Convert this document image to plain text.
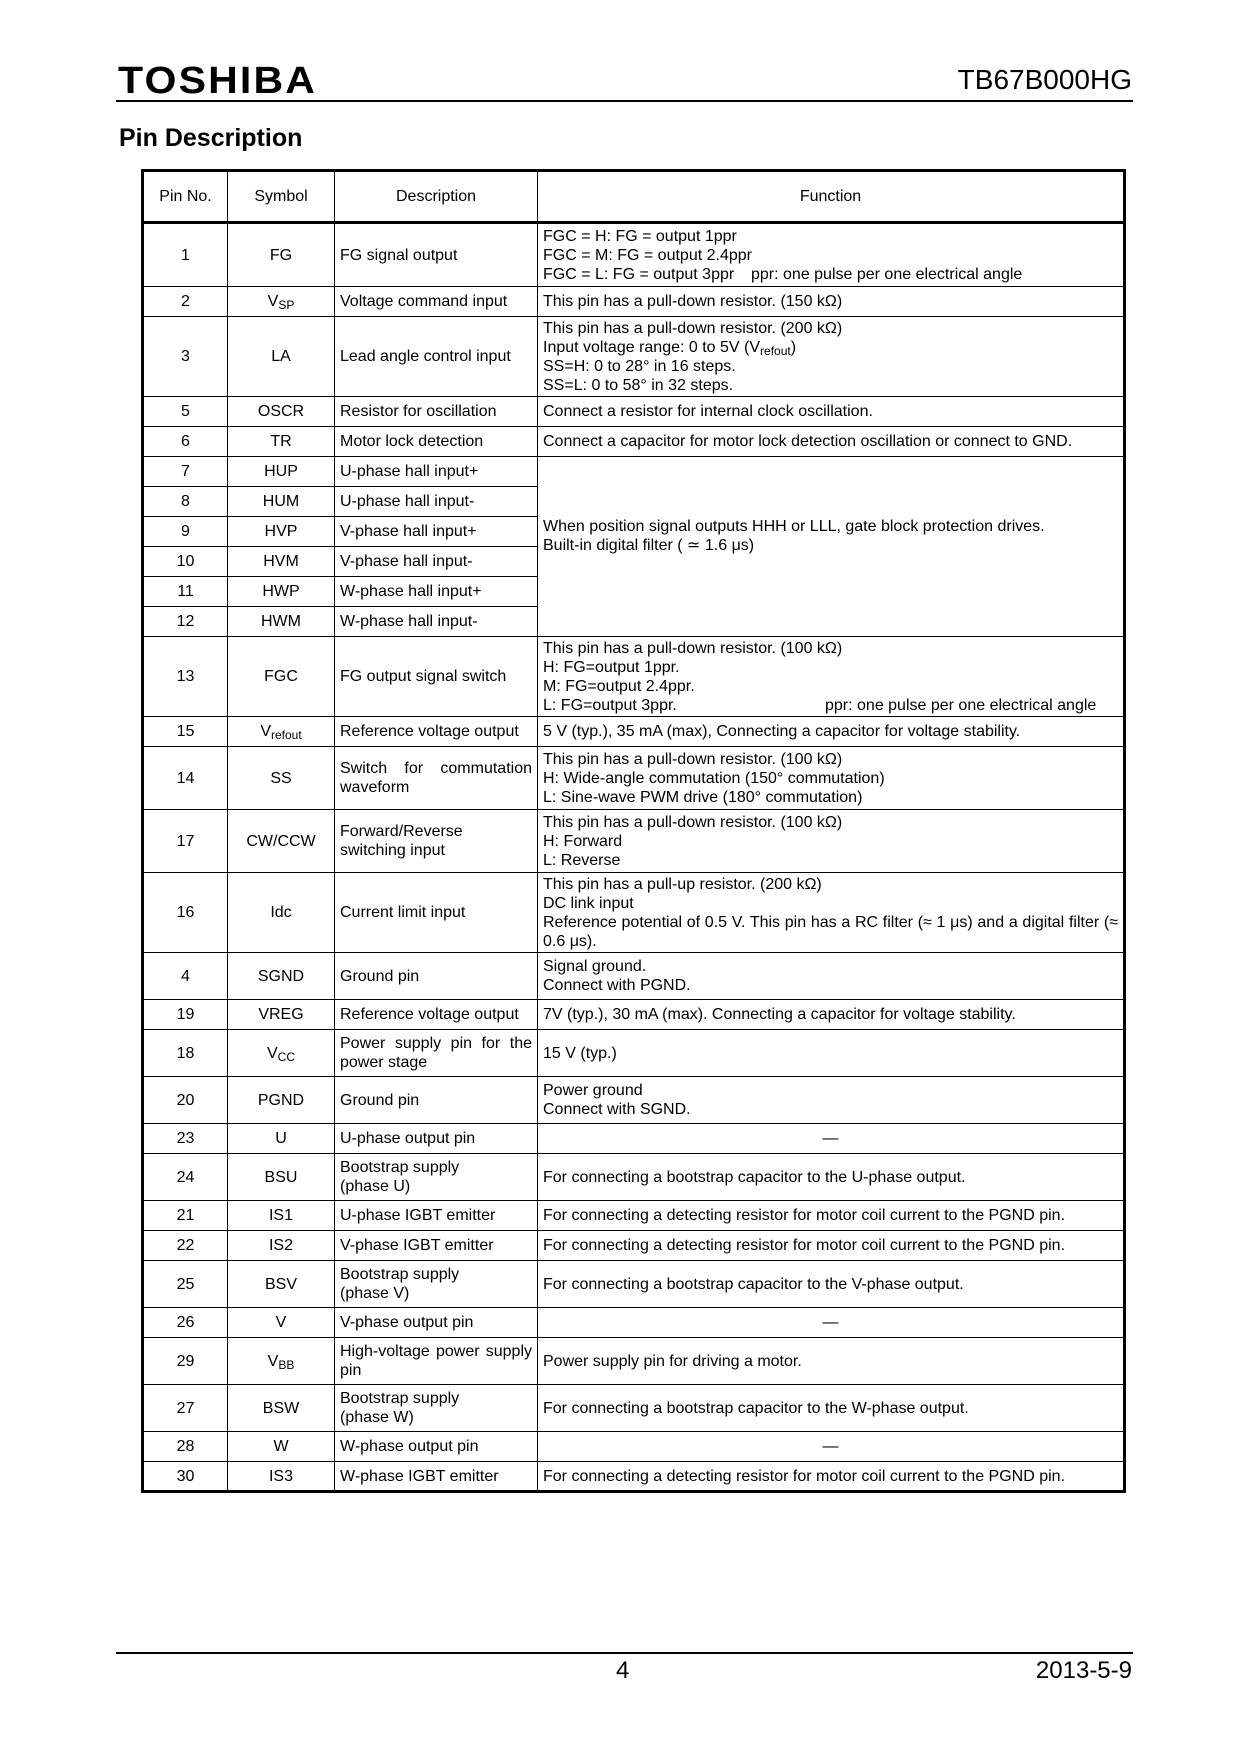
TOSHIBA	TB67B000HG
Pin Description
Pin No.	Symbol	Description	Function
1	FG	FG signal output	FGC = H: FG = output 1ppr
FGC = M: FG = output 2.4ppr
FGC = L: FG = output 3ppr ppr: one pulse per one electrical angle

2	$V_{SP}$	Voltage command input	This pin has a pull-down resistor. (150 kΩ)
3	LA	Lead angle control input	This pin has a pull-down resistor. (200 kΩ)
Input voltage range: 0 to 5V $(V_{refout})$
SS=H: 0 to 28° in 16 steps.
SS=L: 0 to 58° in 32 steps.

5	OSCR	Resistor for oscillation	Connect a resistor for internal clock oscillation.
6	TR	Motor lock detection	Connect a capacitor for motor lock detection oscillation or connect to GND.
7	HUP	U-phase hall input+	When position signal outputs HHH or LLL, gate block protection drives.
Built-in digital filter ( ≃ 1.6 μs)

8	HUM	U-phase hall input-	
9	HVP	V-phase hall input+	
10	HVM	V-phase hall input-	
11	HWP	W-phase hall input+	
12	HWM	W-phase hall input-	
13	FGC	FG output signal switch	This pin has a pull-down resistor. (100 kΩ)
H: FG=output 1ppr.
M: FG=output 2.4ppr.
L: FG=output 3ppr. ppr: one pulse per one electrical angle

15	$V_{refout}$	Reference voltage output	5 V (typ.), 35 mA (max), Connecting a capacitor for voltage stability.
14	SS	Switch for commutation waveform	This pin has a pull-down resistor. (100 kΩ)
H: Wide-angle commutation (150° commutation)
L: Sine-wave PWM drive (180° commutation)

17	CW/CCW	Forward/Reverse switching input	This pin has a pull-down resistor. (100 kΩ)
H: Forward
L: Reverse

16	Idc	Current limit input	This pin has a pull-up resistor. (200 kΩ)
DC link input
Reference potential of 0.5 V. This pin has a RC filter (≈ 1 μs) and a digital filter (≈ 0.6 μs).

4	SGND	Ground pin	Signal ground.
Connect with PGND.

19	VREG	Reference voltage output	7V (typ.), 30 mA (max). Connecting a capacitor for voltage stability.
18	$V_{CC}$	Power supply pin for the power stage	15 V (typ.)
20	PGND	Ground pin	Power ground
Connect with SGND.

23	U	U-phase output pin	—
24	BSU	Bootstrap supply
(phase U)	For connecting a bootstrap capacitor to the U-phase output.
21	IS1	U-phase IGBT emitter	For connecting a detecting resistor for motor coil current to the PGND pin.
22	IS2	V-phase IGBT emitter	For connecting a detecting resistor for motor coil current to the PGND pin.
25	BSV	Bootstrap supply
(phase V)	For connecting a bootstrap capacitor to the V-phase output.
26	V	V-phase output pin	—
29	$V_{BB}$	High-voltage power supply pin	Power supply pin for driving a motor.
27	BSW	Bootstrap supply
(phase W)	For connecting a bootstrap capacitor to the W-phase output.
28	W	W-phase output pin	—
30	IS3	W-phase IGBT emitter	For connecting a detecting resistor for motor coil current to the PGND pin.
4	2013-5-9
